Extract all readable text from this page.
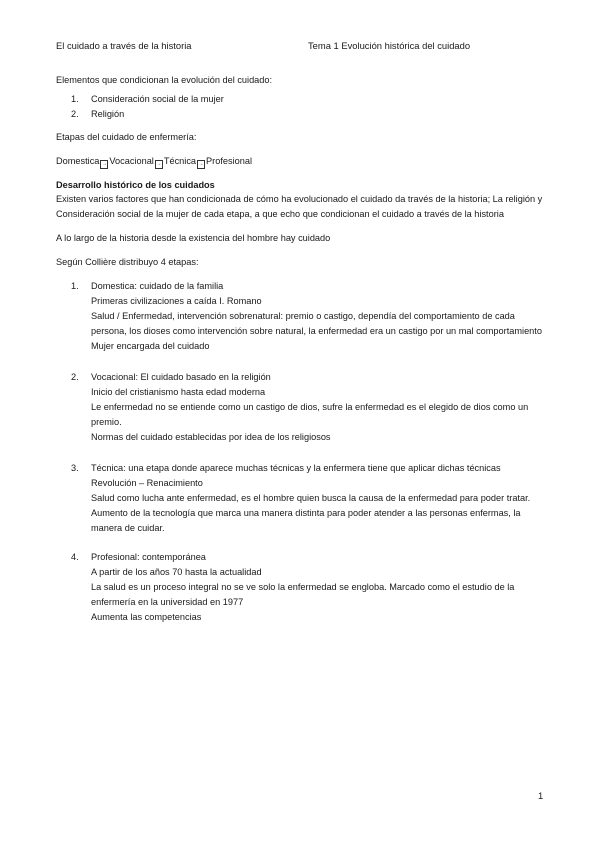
El cuidado a través de la historia	Tema 1 Evolución histórica del cuidado

Elementos que condicionan la evolución del cuidado:

1.	Consideración social de la mujer
2.	Religión

Etapas del cuidado de enfermería:

Domestica → Vocacional → Técnica → Profesional

Desarrollo histórico de los cuidados

Existen varios factores que han condicionada de cómo ha evolucionado el cuidado da través de la historia; La religión y Consideración social de la mujer de cada etapa, a que echo que condicionan el cuidado a través de la historia

A lo largo de la historia desde la existencia del hombre hay cuidado

Según Collière distribuyo 4 etapas:

1.	Domestica: cuidado de la familia
Primeras civilizaciones a caída I. Romano
Salud / Enfermedad, intervención sobrenatural: premio o castigo, dependía del comportamiento de cada persona, los dioses como intervención sobre natural, la enfermedad era un castigo por un mal comportamiento
Mujer encargada del cuidado
2.	Vocacional: El cuidado basado en la religión
Inicio del cristianismo hasta edad moderna
Le enfermedad no se entiende como un castigo de dios, sufre la enfermedad es el elegido de dios como un premio.
Normas del cuidado establecidas por idea de los religiosos
3.	Técnica: una etapa donde aparece muchas técnicas y la enfermera tiene que aplicar dichas técnicas
Revolución – Renacimiento
Salud como lucha ante enfermedad, es el hombre quien busca la causa de la enfermedad para poder tratar.
Aumento de la tecnología que marca una manera distinta para poder atender a las personas enfermas, la manera de cuidar.
4.	Profesional: contemporánea
A partir de los años 70 hasta la actualidad
La salud es un proceso integral no se ve solo la enfermedad se engloba. Marcado como el estudio de la enfermería en la universidad en 1977
Aumenta las competencias
1
